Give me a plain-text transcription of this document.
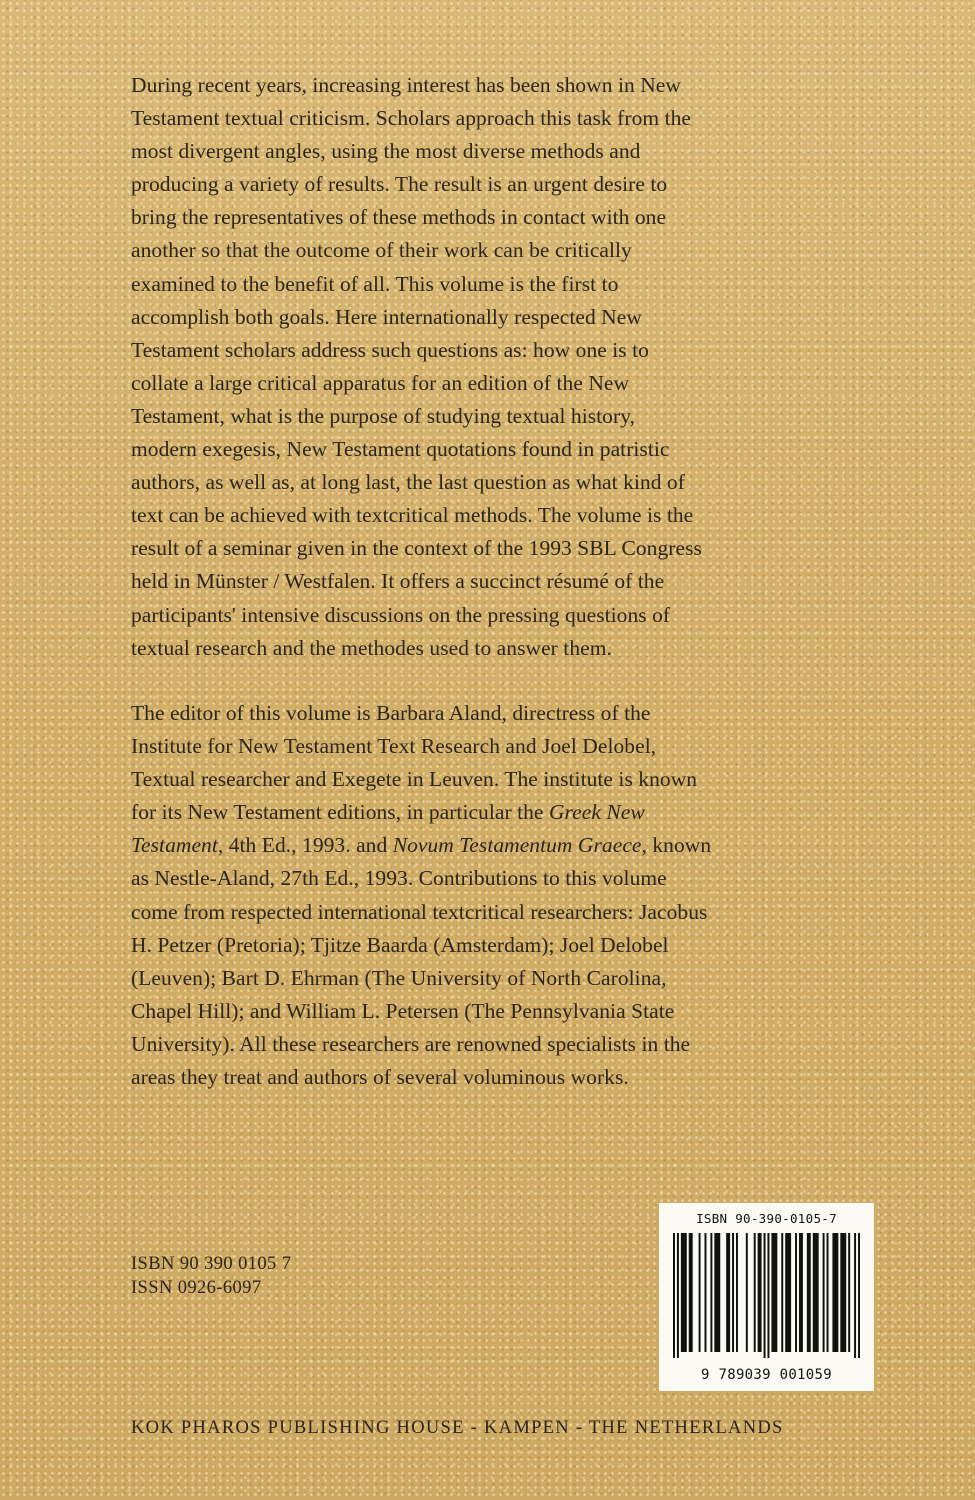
During recent years, increasing interest has been shown in New
Testament textual criticism. Scholars approach this task from the
most divergent angles, using the most diverse methods and
producing a variety of results. The result is an urgent desire to
bring the representatives of these methods in contact with one
another so that the outcome of their work can be critically
examined to the benefit of all. This volume is the first to
accomplish both goals. Here internationally respected New
Testament scholars address such questions as: how one is to
collate a large critical apparatus for an edition of the New
Testament, what is the purpose of studying textual history,
modern exegesis, New Testament quotations found in patristic
authors, as well as, at long last, the last question as what kind of
text can be achieved with textcritical methods. The volume is the
result of a seminar given in the context of the 1993 SBL Congress
held in Münster / Westfalen. It offers a succinct résumé of the
participants' intensive discussions on the pressing questions of
textual research and the methodes used to answer them.
The editor of this volume is Barbara Aland, directress of the
Institute for New Testament Text Research and Joel Delobel,
Textual researcher and Exegete in Leuven. The institute is known
for its New Testament editions, in particular the Greek New
Testament, 4th Ed., 1993. and Novum Testamentum Graece, known
as Nestle-Aland, 27th Ed., 1993. Contributions to this volume
come from respected international textcritical researchers: Jacobus
H. Petzer (Pretoria); Tjitze Baarda (Amsterdam); Joel Delobel
(Leuven); Bart D. Ehrman (The University of North Carolina,
Chapel Hill); and William L. Petersen (The Pennsylvania State
University). All these researchers are renowned specialists in the
areas they treat and authors of several voluminous works.
ISBN 90 390 0105 7
ISSN 0926-6097
ISBN 90-390-0105-7
9 789039 001059
KOK PHAROS PUBLISHING HOUSE - KAMPEN - THE NETHERLANDS
